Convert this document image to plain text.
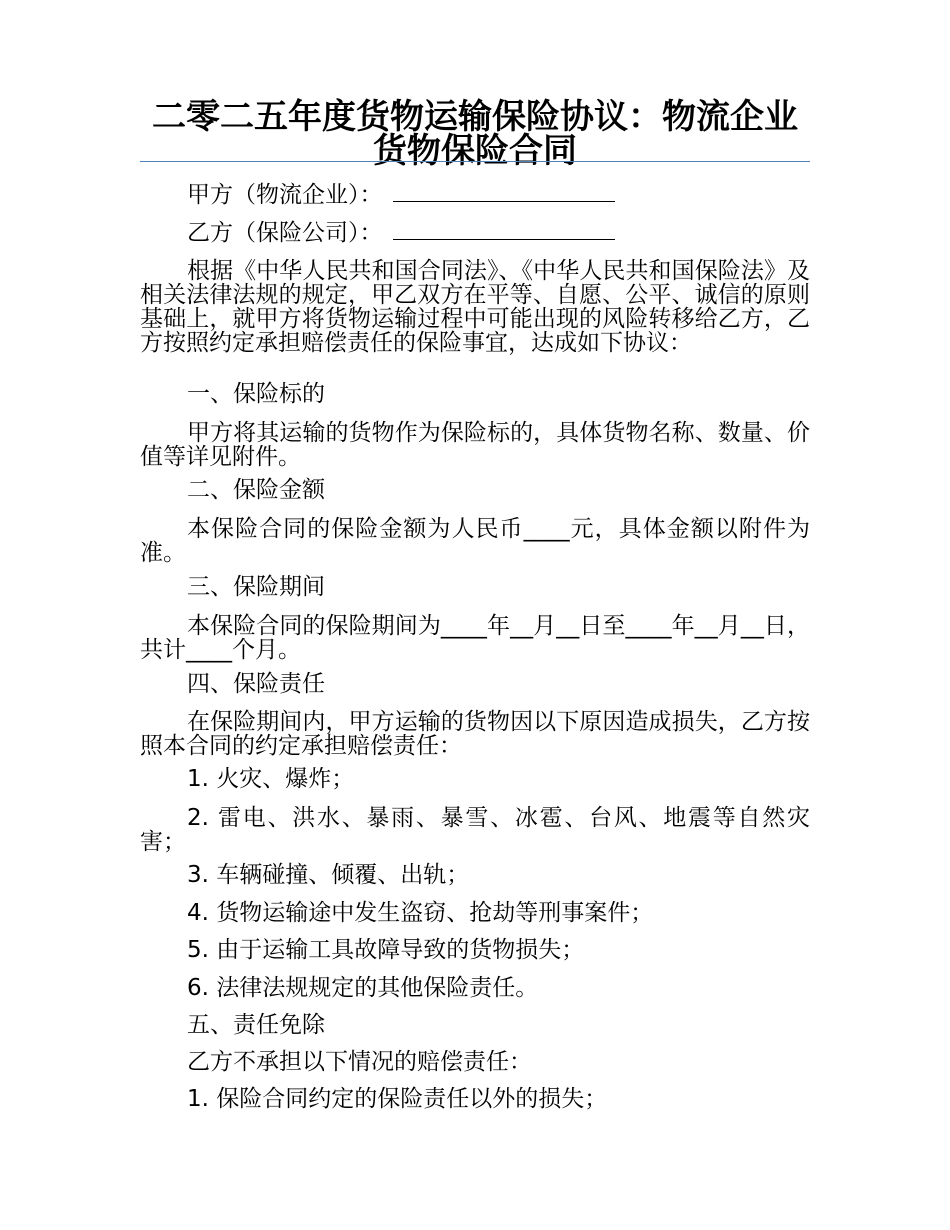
二零二五年度货物运输保险协议：物流企业货物保险合同
甲方（物流企业）：
乙方（保险公司）：
根据《中华人民共和国合同法》、《中华人民共和国保险法》及相关法律法规的规定，甲乙双方在平等、自愿、公平、诚信的原则基础上，就甲方将货物运输过程中可能出现的风险转移给乙方，乙方按照约定承担赔偿责任的保险事宜，达成如下协议：
一、保险标的
甲方将其运输的货物作为保险标的，具体货物名称、数量、价值等详见附件。
二、保险金额
本保险合同的保险金额为人民币____元，具体金额以附件为准。
三、保险期间
本保险合同的保险期间为____年__月__日至____年__月__日，共计____个月。
四、保险责任
在保险期间内，甲方运输的货物因以下原因造成损失，乙方按照本合同的约定承担赔偿责任：
1. 火灾、爆炸；
2. 雷电、洪水、暴雨、暴雪、冰雹、台风、地震等自然灾害；
3. 车辆碰撞、倾覆、出轨；
4. 货物运输途中发生盗窃、抢劫等刑事案件；
5. 由于运输工具故障导致的货物损失；
6. 法律法规规定的其他保险责任。
五、责任免除
乙方不承担以下情况的赔偿责任：
1. 保险合同约定的保险责任以外的损失；
